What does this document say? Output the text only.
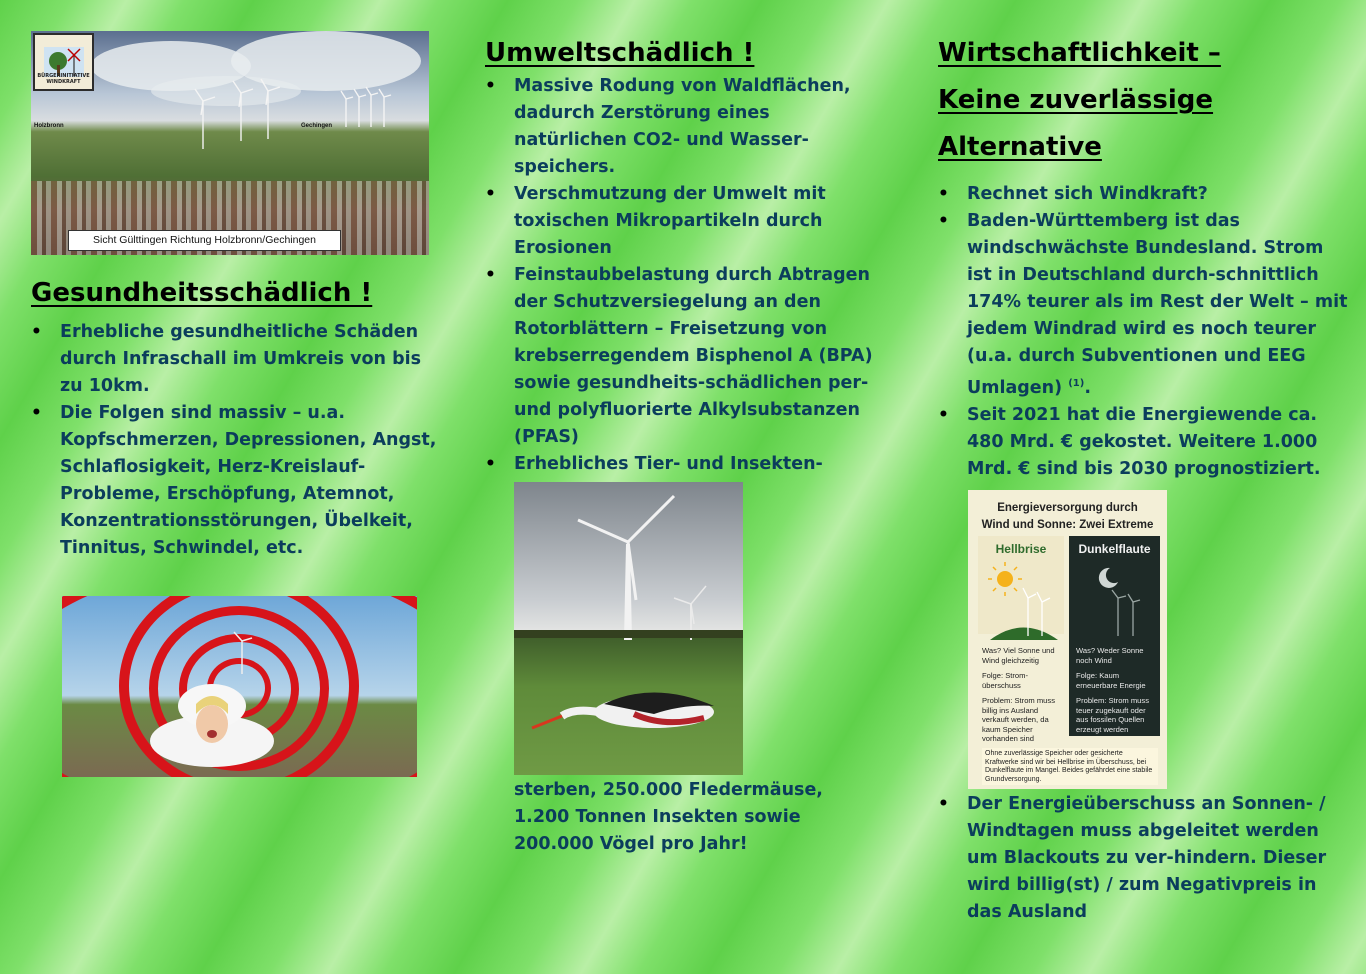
BÜRGERINITIATIVE WINDKRAFT
Holzbronn	Gechingen
Sicht Gülttingen Richtung Holzbronn/Gechingen
Gesundheitsschädlich !
• Erhebliche gesundheitliche Schäden durch Infraschall im Umkreis von bis zu 10km.
• Die Folgen sind massiv – u.a. Kopfschmerzen, Depressionen, Angst, Schlaflosigkeit, Herz-Kreislauf-Probleme, Erschöpfung, Atemnot, Konzentrationsstörungen, Übelkeit, Tinnitus, Schwindel, etc.
Umweltschädlich !
• Massive Rodung von Waldflächen, dadurch Zerstörung eines natürlichen CO2- und Wasser-speichers.
• Verschmutzung der Umwelt mit toxischen Mikropartikeln durch Erosionen
• Feinstaubbelastung durch Abtragen der Schutzversiegelung an den Rotorblättern – Freisetzung von krebserregendem Bisphenol A (BPA) sowie gesundheits-schädlichen per- und polyfluorierte Alkylsubstanzen (PFAS)
• Erhebliches Tier- und Insekten-
sterben, 250.000 Fledermäuse, 1.200 Tonnen Insekten sowie 200.000 Vögel pro Jahr!
Wirtschaftlichkeit –
Keine zuverlässige
Alternative
• Rechnet sich Windkraft?
• Baden-Württemberg ist das windschwächste Bundesland. Strom ist in Deutschland durch-schnittlich 174% teurer als im Rest der Welt – mit jedem Windrad wird es noch teurer (u.a. durch Subventionen und EEG Umlagen) $^{(1)}$.
• Seit 2021 hat die Energiewende ca. 480 Mrd. € gekostet. Weitere 1.000 Mrd. € sind bis 2030 prognostiziert.
Energieversorgung durch
Wind und Sonne: Zwei Extreme
Hellbrise	Dunkelflaute
Was? Viel Sonne und Wind gleichzeitig
Folge: Strom-überschuss
Problem: Strom muss billig ins Ausland verkauft werden, da kaum Speicher vorhanden sind
Was? Weder Sonne noch Wind
Folge: Kaum erneuerbare Energie
Problem: Strom muss teuer zugekauft oder aus fossilen Quellen erzeugt werden
Ohne zuverlässige Speicher oder gesicherte Kraftwerke sind wir bei Hellbrise im Überschuss, bei Dunkelflaute im Mangel. Beides gefährdet eine stabile Grundversorgung.
• Der Energieüberschuss an Sonnen- / Windtagen muss abgeleitet werden um Blackouts zu ver-hindern. Dieser wird billig(st) / zum Negativpreis in das Ausland
